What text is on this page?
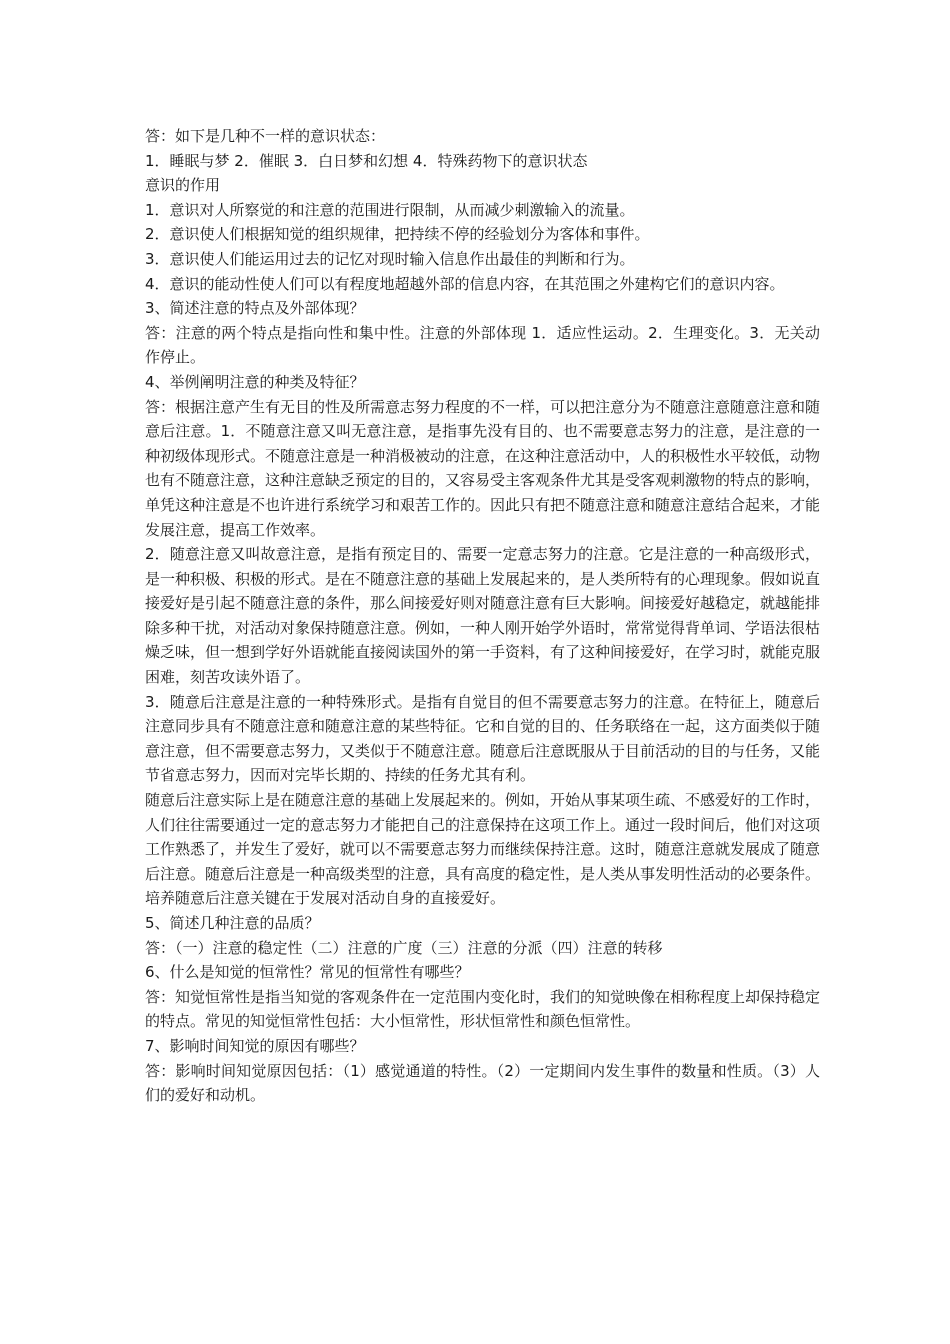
答：如下是几种不一样的意识状态：

1．睡眠与梦 2．催眠 3．白日梦和幻想 4．特殊药物下的意识状态

意识的作用

1．意识对人所察觉的和注意的范围进行限制，从而减少刺激输入的流量。

2．意识使人们根据知觉的组织规律，把持续不停的经验划分为客体和事件。

3．意识使人们能运用过去的记忆对现时输入信息作出最佳的判断和行为。

4．意识的能动性使人们可以有程度地超越外部的信息内容，在其范围之外建构它们的意识内容。

3、简述注意的特点及外部体现？

答：注意的两个特点是指向性和集中性。注意的外部体现 1．适应性运动。2．生理变化。3．无关动作停止。

4、举例阐明注意的种类及特征？

答：根据注意产生有无目的性及所需意志努力程度的不一样，可以把注意分为不随意注意随意注意和随意后注意。1．不随意注意又叫无意注意，是指事先没有目的、也不需要意志努力的注意，是注意的一种初级体现形式。不随意注意是一种消极被动的注意，在这种注意活动中，人的积极性水平较低，动物也有不随意注意，这种注意缺乏预定的目的，又容易受主客观条件尤其是受客观刺激物的特点的影响，单凭这种注意是不也许进行系统学习和艰苦工作的。因此只有把不随意注意和随意注意结合起来，才能发展注意，提高工作效率。

2．随意注意又叫故意注意，是指有预定目的、需要一定意志努力的注意。它是注意的一种高级形式，是一种积极、积极的形式。是在不随意注意的基础上发展起来的，是人类所特有的心理现象。假如说直接爱好是引起不随意注意的条件，那么间接爱好则对随意注意有巨大影响。间接爱好越稳定，就越能排除多种干扰，对活动对象保持随意注意。例如，一种人刚开始学外语时，常常觉得背单词、学语法很枯燥乏味，但一想到学好外语就能直接阅读国外的第一手资料，有了这种间接爱好，在学习时，就能克服困难，刻苦攻读外语了。

3．随意后注意是注意的一种特殊形式。是指有自觉目的但不需要意志努力的注意。在特征上，随意后注意同步具有不随意注意和随意注意的某些特征。它和自觉的目的、任务联络在一起，这方面类似于随意注意，但不需要意志努力，又类似于不随意注意。随意后注意既服从于目前活动的目的与任务，又能节省意志努力，因而对完毕长期的、持续的任务尤其有利。

随意后注意实际上是在随意注意的基础上发展起来的。例如，开始从事某项生疏、不感爱好的工作时，人们往往需要通过一定的意志努力才能把自己的注意保持在这项工作上。通过一段时间后，他们对这项工作熟悉了，并发生了爱好，就可以不需要意志努力而继续保持注意。这时，随意注意就发展成了随意后注意。随意后注意是一种高级类型的注意，具有高度的稳定性，是人类从事发明性活动的必要条件。培养随意后注意关键在于发展对活动自身的直接爱好。

5、简述几种注意的品质？

答：（一）注意的稳定性（二）注意的广度（三）注意的分派（四）注意的转移

6、什么是知觉的恒常性？常见的恒常性有哪些？

答：知觉恒常性是指当知觉的客观条件在一定范围内变化时，我们的知觉映像在相称程度上却保持稳定的特点。常见的知觉恒常性包括：大小恒常性，形状恒常性和颜色恒常性。

7、影响时间知觉的原因有哪些？

答：影响时间知觉原因包括：（1）感觉通道的特性。（2）一定期间内发生事件的数量和性质。（3）人们的爱好和动机。
